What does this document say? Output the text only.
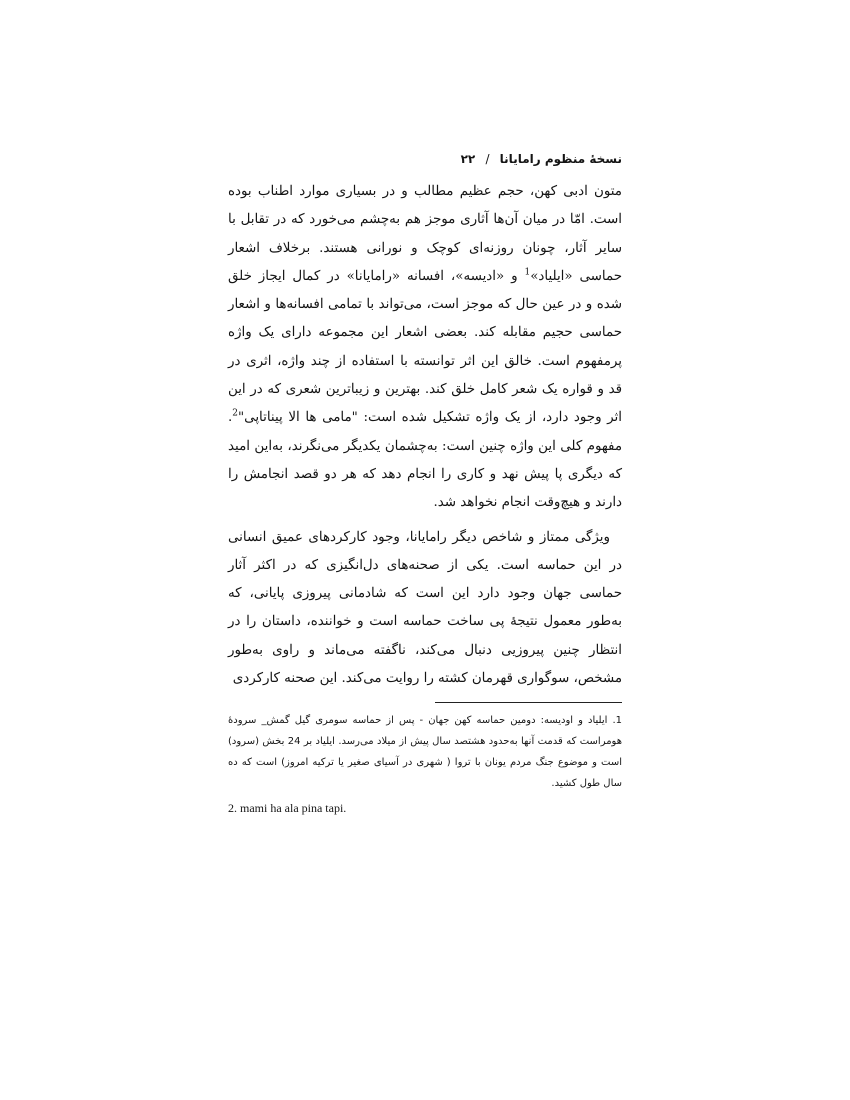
نسخهٔ منظوم رامایانا / ۲۲

متون ادبی کهن، حجم عظیم مطالب و در بسیاری موارد اطناب بوده است. امّا در میان آن‌ها آثاری موجز هم به‌چشم می‌خورد که در تقابل با سایر آثار، چونان روزنه‌ای کوچک و نورانی هستند. برخلاف اشعار حماسی «ایلیاد»$^1$ و «ادیسه»، افسانه «رامایانا» در کمال ایجاز خلق شده و در عین حال که موجز است، می‌تواند با تمامی افسانه‌ها و اشعار حماسی حجیم مقابله کند. بعضی اشعار این مجموعه دارای یک واژه پرمفهوم است. خالق این اثر توانسته با استفاده از چند واژه، اثری در قد و قواره یک شعر کامل خلق کند. بهترین و زیباترین شعری که در این اثر وجود دارد، از یک واژه تشکیل شده است: "مامی ها الا پیناتاپی"$^2$. مفهوم کلی این واژه چنین است: به‌چشمان یکدیگر می‌نگرند، به‌این امید که دیگری پا پیش نهد و کاری را انجام دهد که هر دو قصد انجامش را دارند و هیچ‌وقت انجام نخواهد شد.

ویژگی ممتاز و شاخص دیگر رامایانا، وجود کارکردهای عمیق انسانی در این حماسه است. یکی از صحنه‌های دل‌انگیزی که در اکثر آثار حماسی جهان وجود دارد این است که شادمانی پیروزی پایانی، که به‌طور معمول نتیجهٔ پی ساخت حماسه است و خواننده، داستان را در انتظار چنین پیروزیی دنبال می‌کند، ناگفته می‌ماند و راوی به‌طور مشخص، سوگواری قهرمان کشته را روایت می‌کند. این صحنه کارکردی

1. ایلیاد و اودیسه: دومین حماسه کهن جهان - پس از حماسه سومری گیل گمش_ سرودهٔ هومراست که قدمت آنها به‌حدود هشتصد سال پیش از میلاد می‌رسد. ایلیاد بر 24 بخش (سرود) است و موضوع جنگ مردم یونان با تروا ( شهری در آسیای صغیر یا ترکیه امروز) است که ده سال طول کشید.

2. mami ha ala pina tapi.
